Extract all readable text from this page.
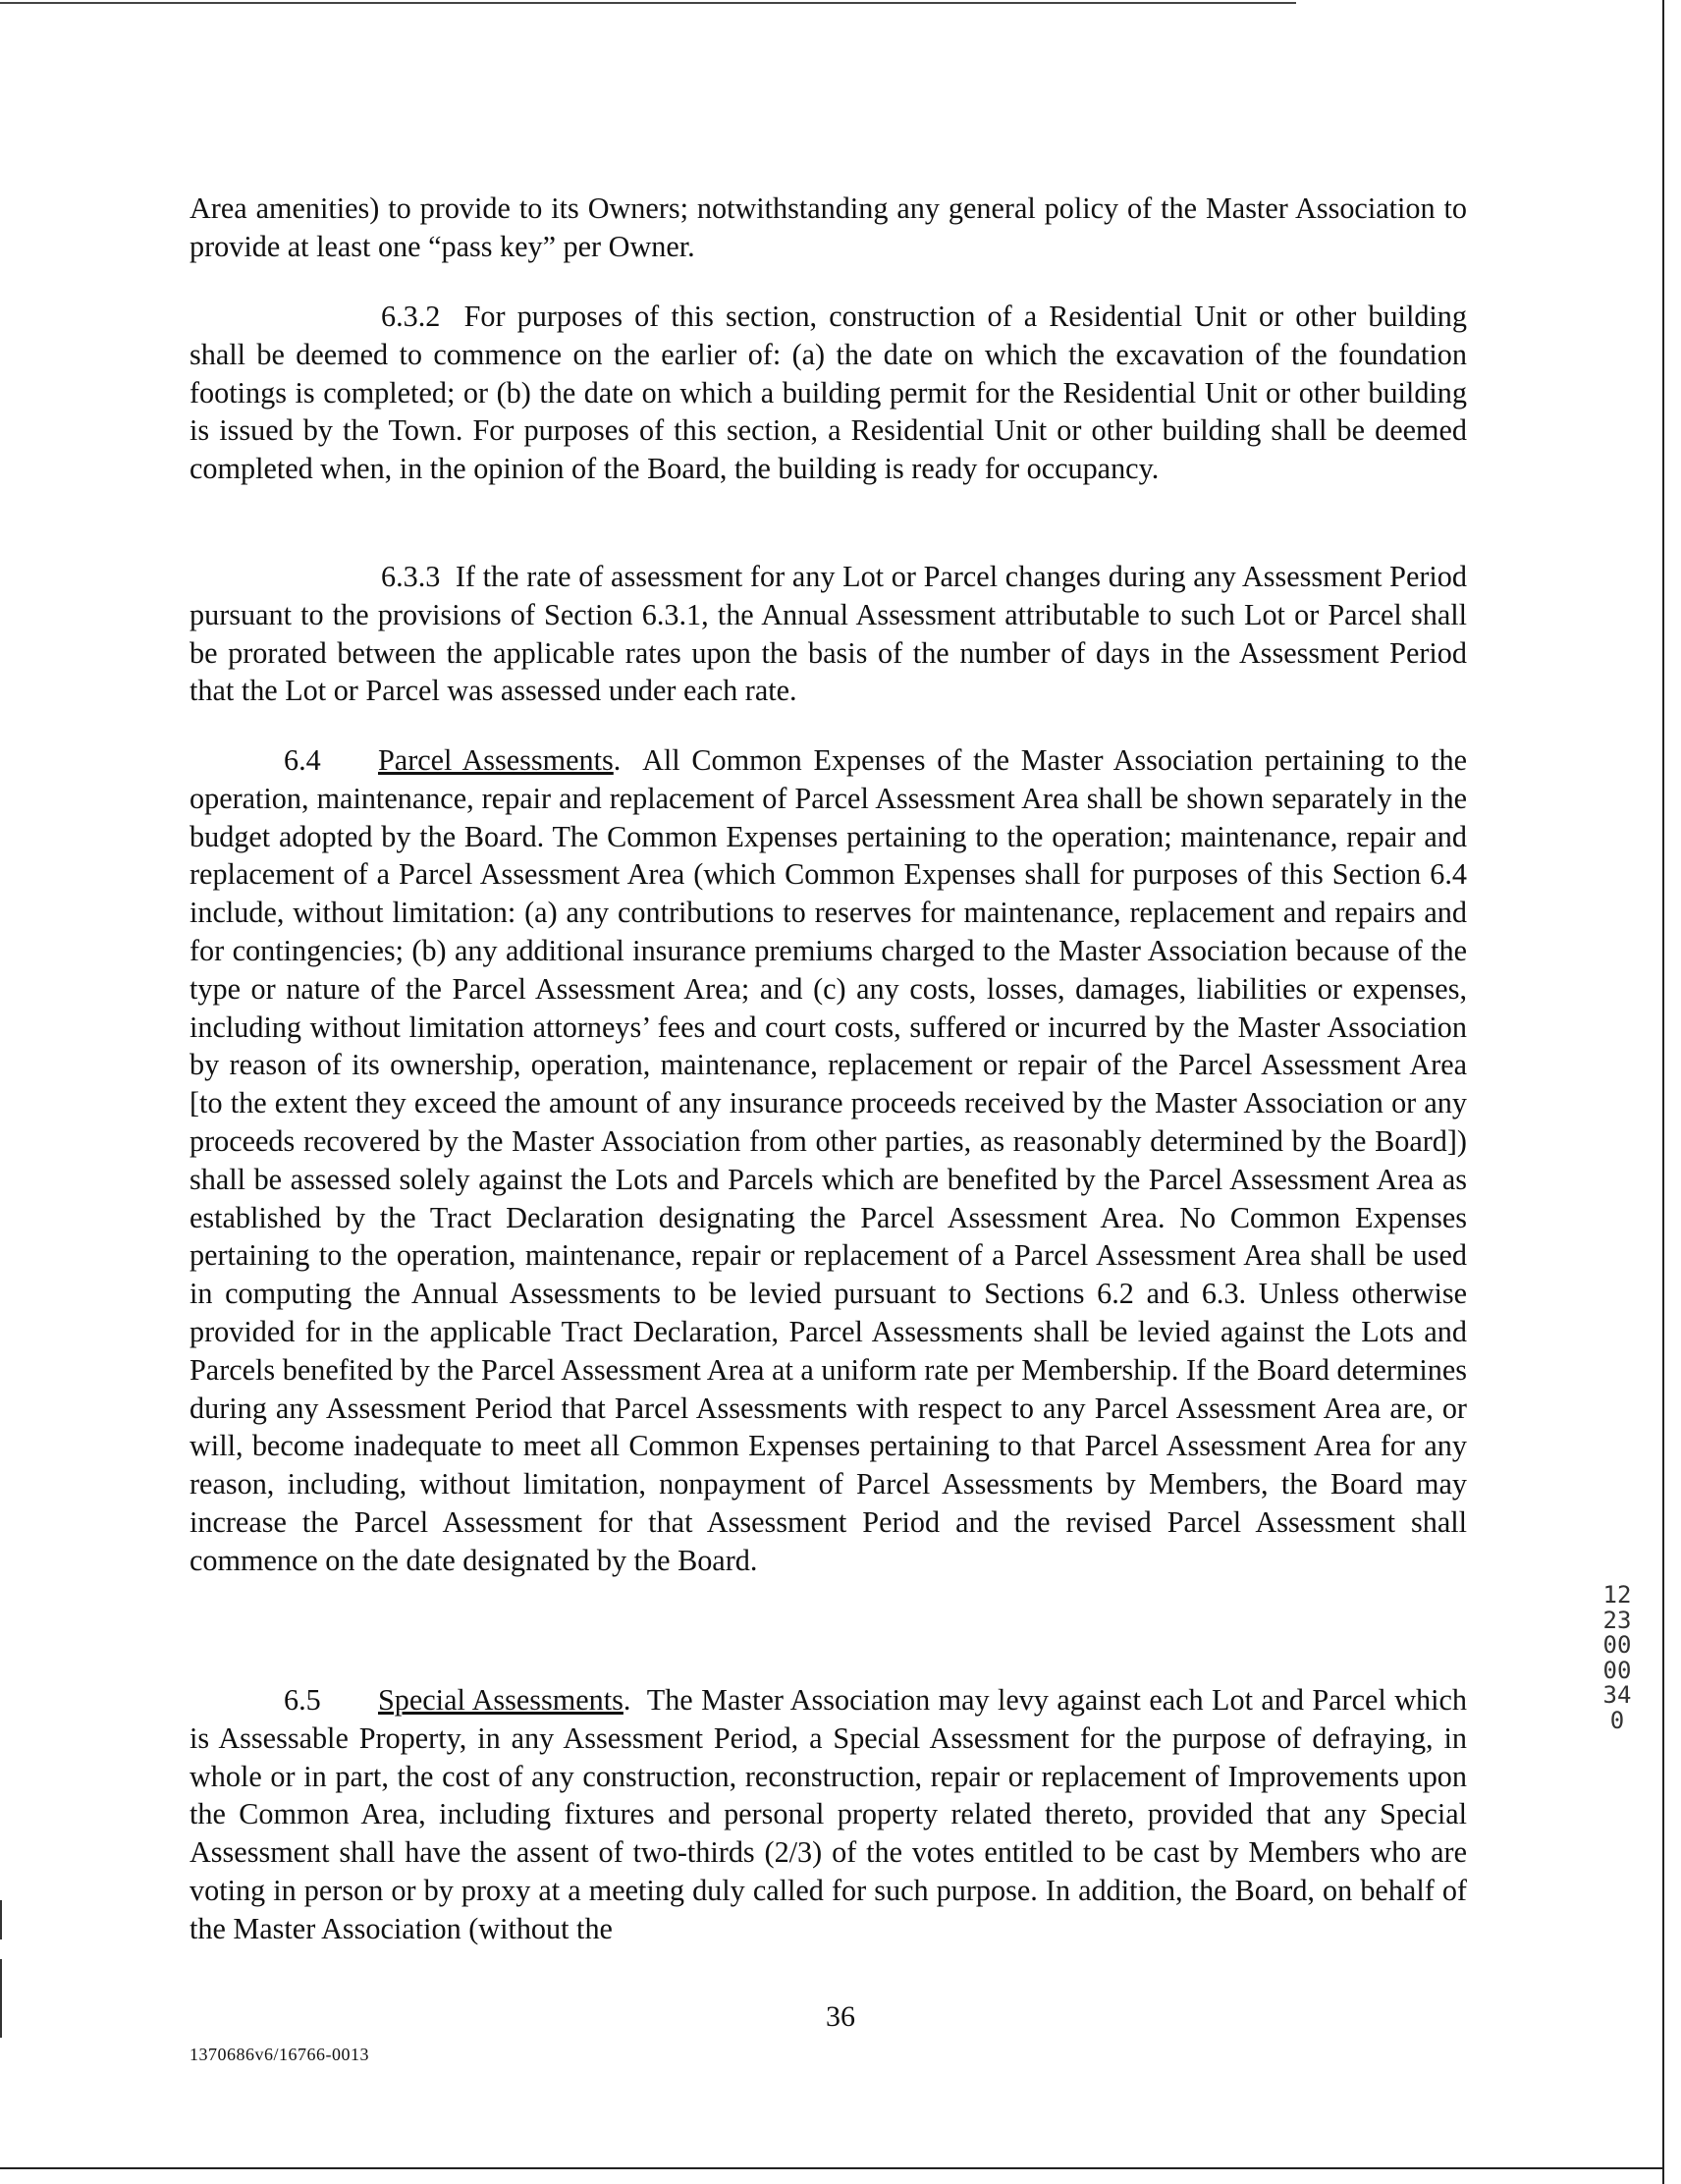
Area amenities) to provide to its Owners; notwithstanding any general policy of the Master Association to provide at least one “pass key” per Owner.

6.3.2 For purposes of this section, construction of a Residential Unit or other building shall be deemed to commence on the earlier of: (a) the date on which the excavation of the foundation footings is completed; or (b) the date on which a building permit for the Residential Unit or other building is issued by the Town. For purposes of this section, a Residential Unit or other building shall be deemed completed when, in the opinion of the Board, the building is ready for occupancy.

6.3.3 If the rate of assessment for any Lot or Parcel changes during any Assessment Period pursuant to the provisions of Section 6.3.1, the Annual Assessment attributable to such Lot or Parcel shall be prorated between the applicable rates upon the basis of the number of days in the Assessment Period that the Lot or Parcel was assessed under each rate.

6.4 Parcel Assessments.  All Common Expenses of the Master Association pertaining to the operation, maintenance, repair and replacement of Parcel Assessment Area shall be shown separately in the budget adopted by the Board. The Common Expenses pertaining to the operation; maintenance, repair and replacement of a Parcel Assessment Area (which Common Expenses shall for purposes of this Section 6.4 include, without limitation: (a) any contributions to reserves for maintenance, replacement and repairs and for contingencies; (b) any additional insurance premiums charged to the Master Association because of the type or nature of the Parcel Assessment Area; and (c) any costs, losses, damages, liabilities or expenses, including without limitation attorneys’ fees and court costs, suffered or incurred by the Master Association by reason of its ownership, operation, maintenance, replacement or repair of the Parcel Assessment Area [to the extent they exceed the amount of any insurance proceeds received by the Master Association or any proceeds recovered by the Master Association from other parties, as reasonably determined by the Board]) shall be assessed solely against the Lots and Parcels which are benefited by the Parcel Assessment Area as established by the Tract Declaration designating the Parcel Assessment Area. No Common Expenses pertaining to the operation, maintenance, repair or replacement of a Parcel Assessment Area shall be used in computing the Annual Assessments to be levied pursuant to Sections 6.2 and 6.3. Unless otherwise provided for in the applicable Tract Declaration, Parcel Assessments shall be levied against the Lots and Parcels benefited by the Parcel Assessment Area at a uniform rate per Membership. If the Board determines during any Assessment Period that Parcel Assessments with respect to any Parcel Assessment Area are, or will, become inadequate to meet all Common Expenses pertaining to that Parcel Assessment Area for any reason, including, without limitation, nonpayment of Parcel Assessments by Members, the Board may increase the Parcel Assessment for that Assessment Period and the revised Parcel Assessment shall commence on the date designated by the Board.

6.5 Special Assessments.  The Master Association may levy against each Lot and Parcel which is Assessable Property, in any Assessment Period, a Special Assessment for the purpose of defraying, in whole or in part, the cost of any construction, reconstruction, repair or replacement of Improvements upon the Common Area, including fixtures and personal property related thereto, provided that any Special Assessment shall have the assent of two-thirds (2/3) of the votes entitled to be cast by Members who are voting in person or by proxy at a meeting duly called for such purpose. In addition, the Board, on behalf of the Master Association (without the

36
1370686v6/16766-0013
1223 0000340
